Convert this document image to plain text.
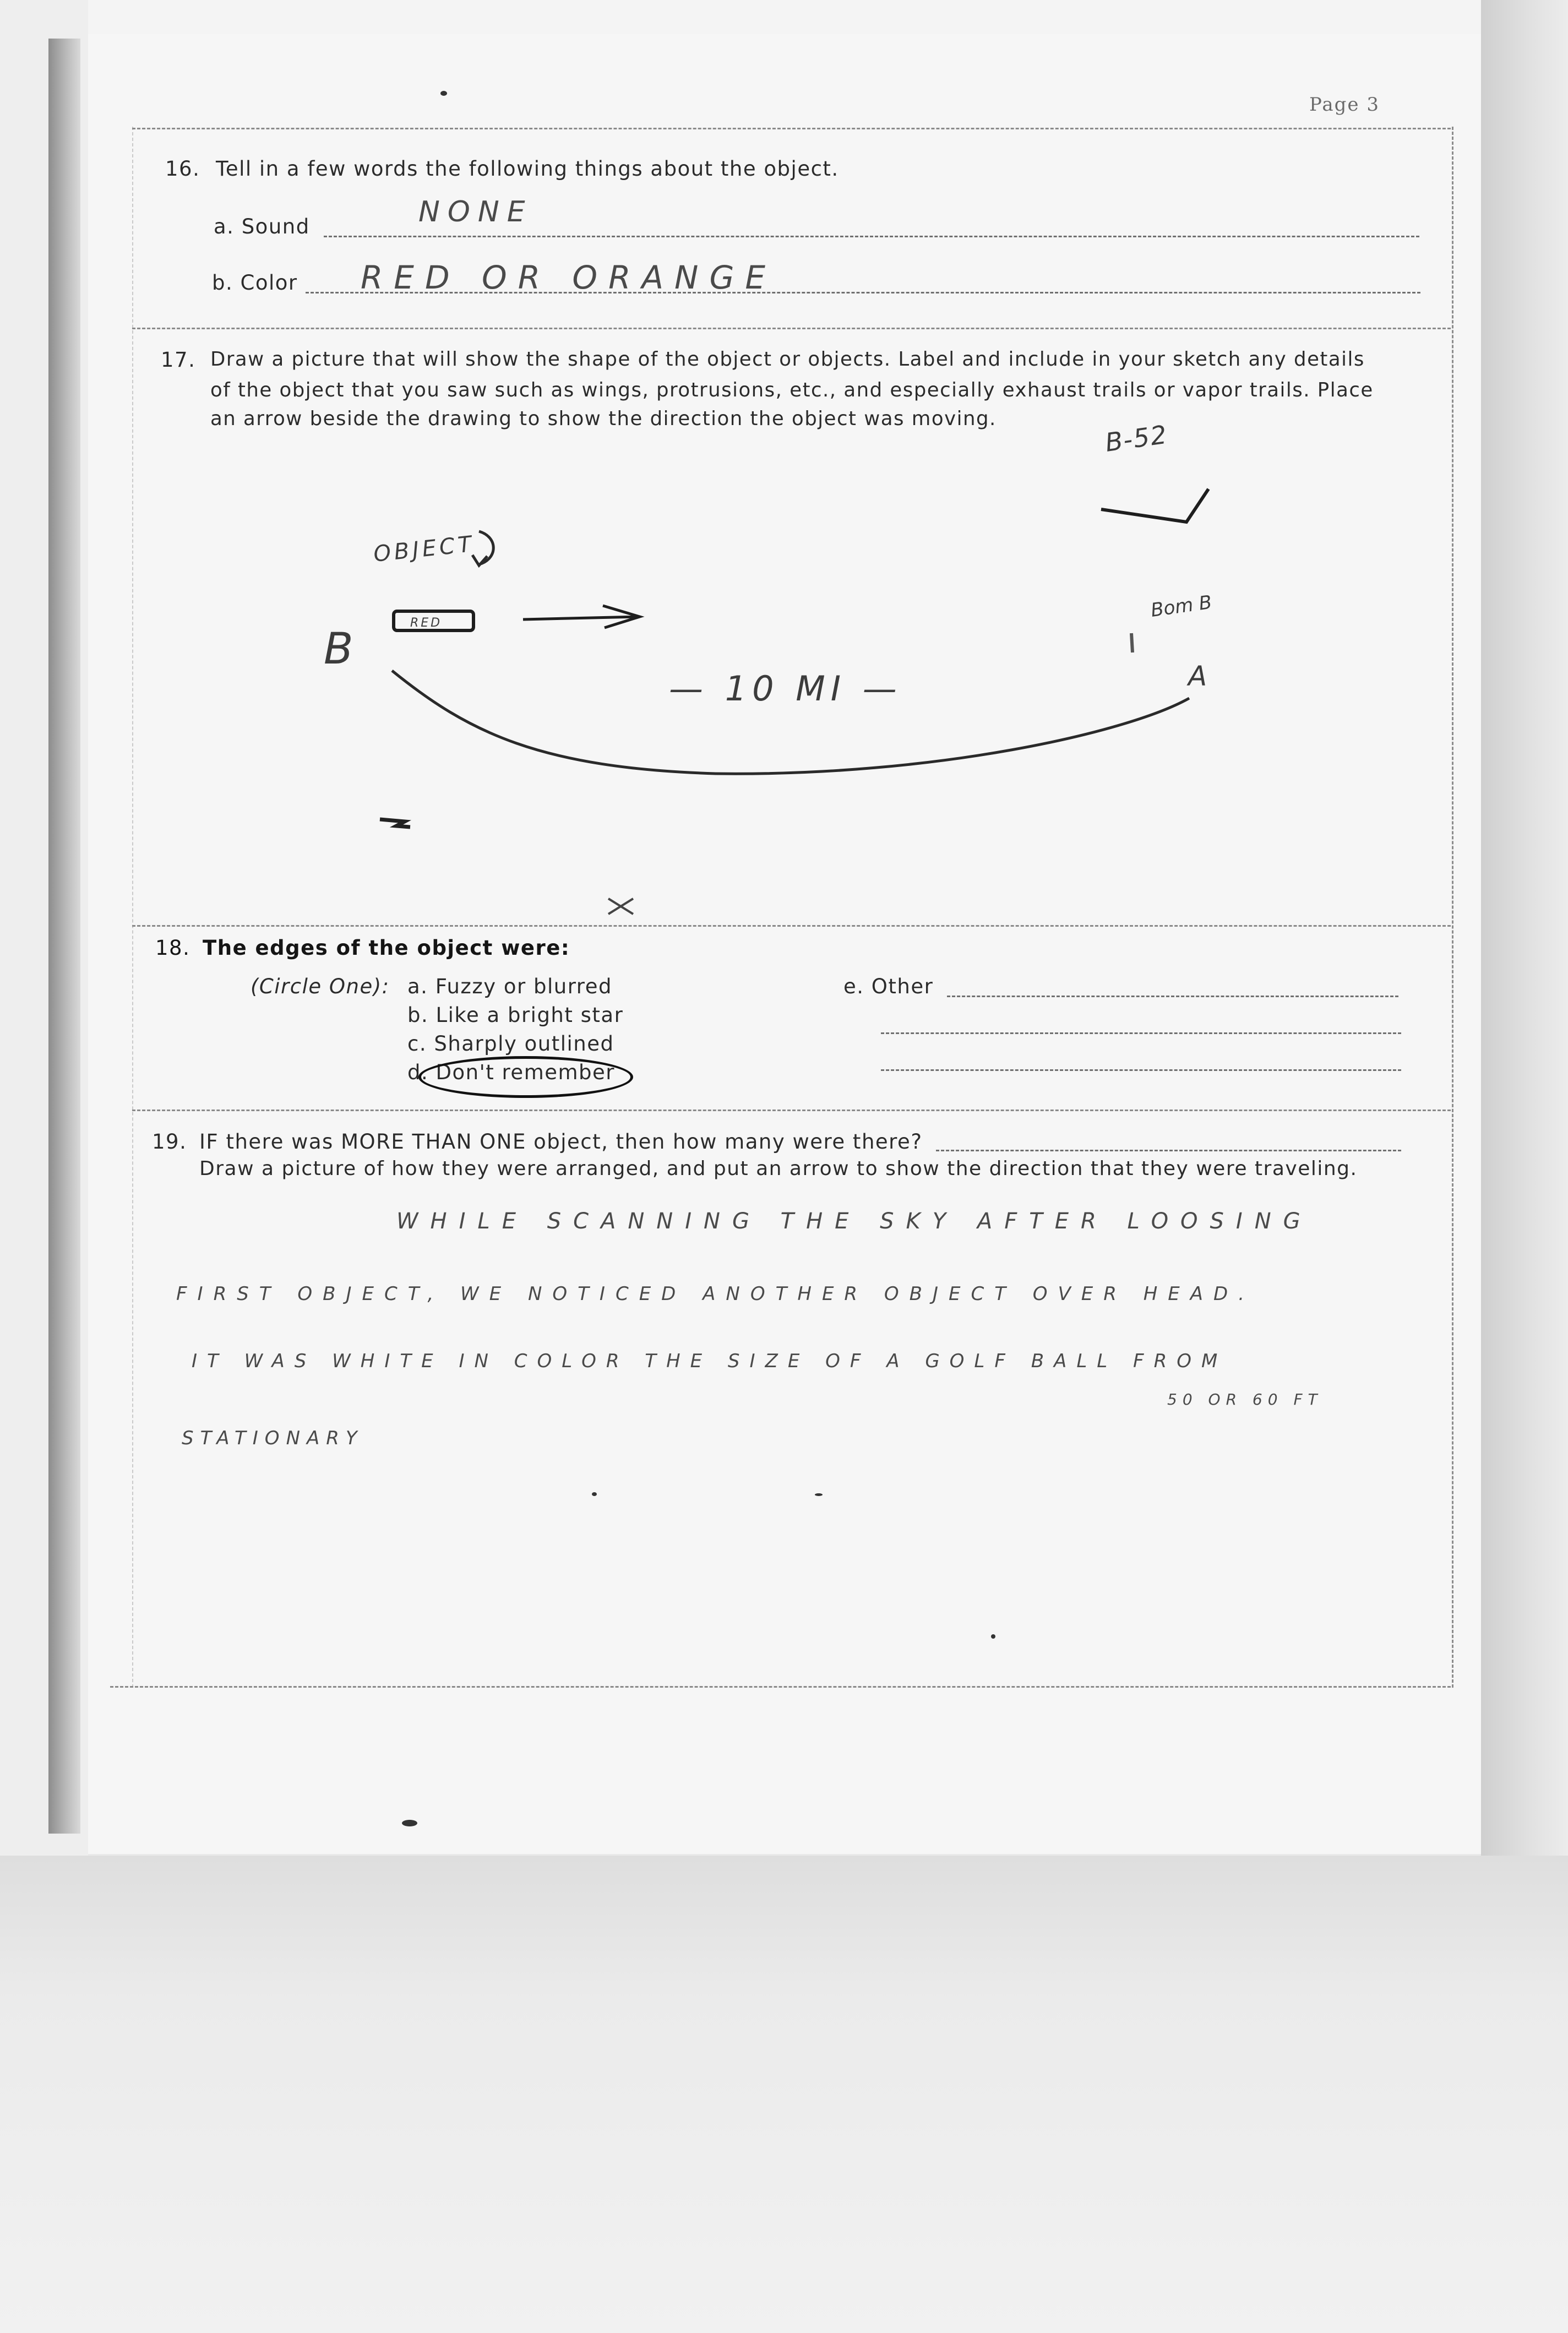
Page 3
16. Tell in a few words the following things about the object.
a. Sound	NONE
b. Color RED OR ORANGE
17. Draw a picture that will show the shape of the object or objects. Label and include in your sketch any details
of the object that you saw such as wings, protrusions, etc., and especially exhaust trails or vapor trails. Place
an arrow beside the drawing to show the direction the object was moving.
OBJECT
RED
B
— 10 MI —	A
B-52
Bom B
18. The edges of the object were:
(Circle One): a. Fuzzy or blurred
b. Like a bright star
c. Sharply outlined
d. Don't remember
e. Other
19. IF there was MORE THAN ONE object, then how many were there?
Draw a picture of how they were arranged, and put an arrow to show the direction that they were traveling.
WHILE SCANNING THE SKY AFTER LOOSING
FIRST OBJECT, WE NOTICED ANOTHER OBJECT OVER HEAD.
IT WAS WHITE IN COLOR THE SIZE OF A GOLF BALL FROM
50 OR 60 FT
STATIONARY
